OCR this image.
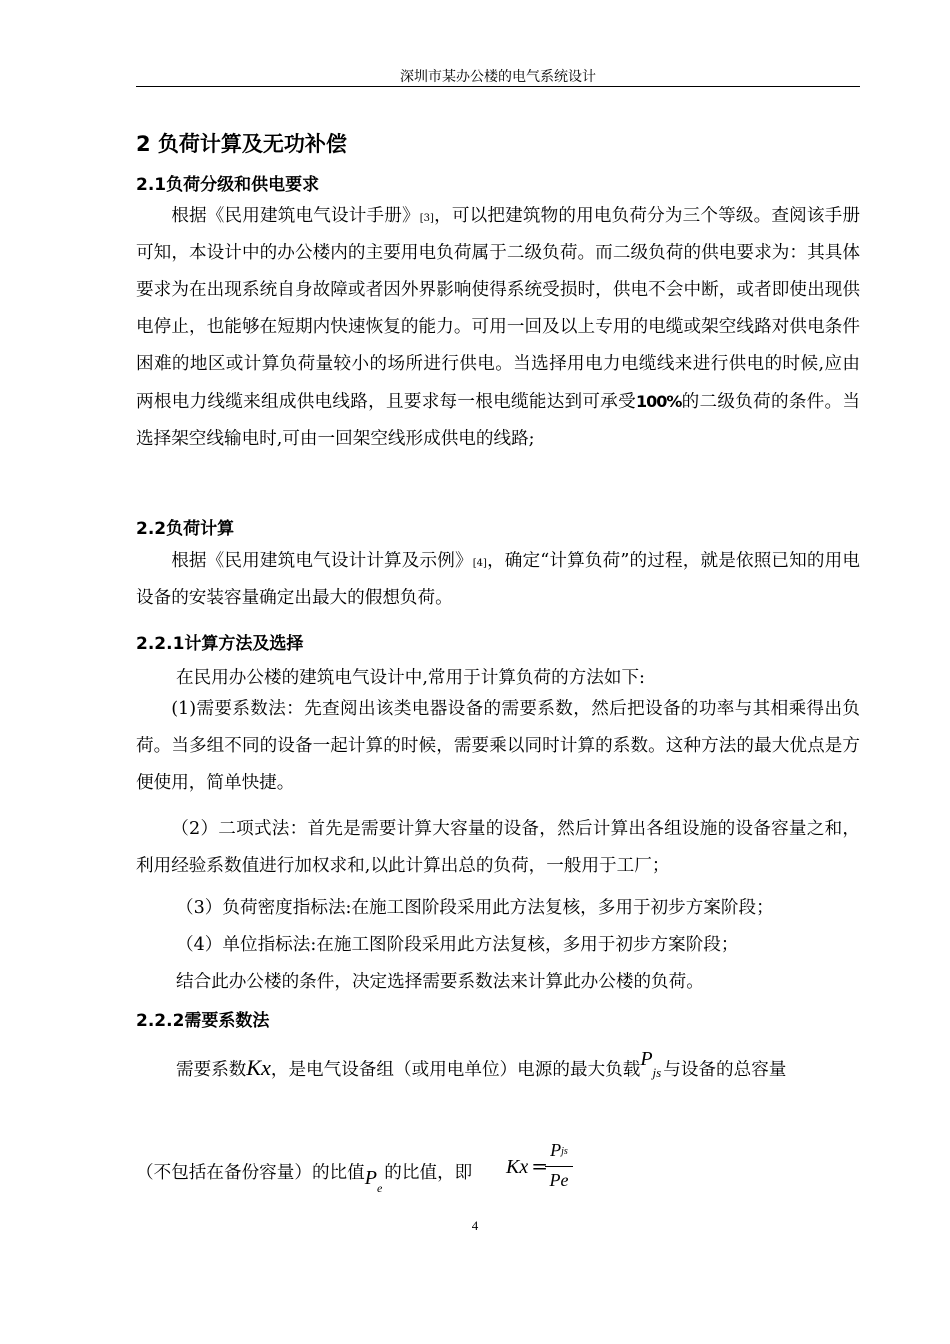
深圳市某办公楼的电气系统设计
2 负荷计算及无功补偿
2.1负荷分级和供电要求

根据《民用建筑电气设计手册》[3]，可以把建筑物的用电负荷分为三个等级。查阅该手册可知，本设计中的办公楼内的主要用电负荷属于二级负荷。而二级负荷的供电要求为：其具体要求为在出现系统自身故障或者因外界影响使得系统受损时，供电不会中断，或者即使出现供电停止，也能够在短期内快速恢复的能力。可用一回及以上专用的电缆或架空线路对供电条件困难的地区或计算负荷量较小的场所进行供电。当选择用电力电缆线来进行供电的时候,应由两根电力线缆来组成供电线路，且要求每一根电缆能达到可承受100%的二级负荷的条件。当选择架空线输电时,可由一回架空线形成供电的线路;

2.2负荷计算

根据《民用建筑电气设计计算及示例》[4]，确定“计算负荷”的过程，就是依照已知的用电设备的安装容量确定出最大的假想负荷。

2.2.1计算方法及选择
在民用办公楼的建筑电气设计中,常用于计算负荷的方法如下:

(1)需要系数法：先查阅出该类电器设备的需要系数，然后把设备的功率与其相乘得出负荷。当多组不同的设备一起计算的时候，需要乘以同时计算的系数。这种方法的最大优点是方便使用，简单快捷。

（2）二项式法：首先是需要计算大容量的设备，然后计算出各组设施的设备容量之和，利用经验系数值进行加权求和,以此计算出总的负荷，一般用于工厂；

（3）负荷密度指标法:在施工图阶段采用此方法复核，多用于初步方案阶段；
（4）单位指标法:在施工图阶段采用此方法复核，多用于初步方案阶段；
结合此办公楼的条件，决定选择需要系数法来计算此办公楼的负荷。
2.2.2需要系数法
需要系数Kx，是电气设备组（或用电单位）电源的最大负载Pjs 与设备的总容量
（不包括在备份容量）的比值$P_e$的比值，即	Kx =
Pjs
Pe
4
